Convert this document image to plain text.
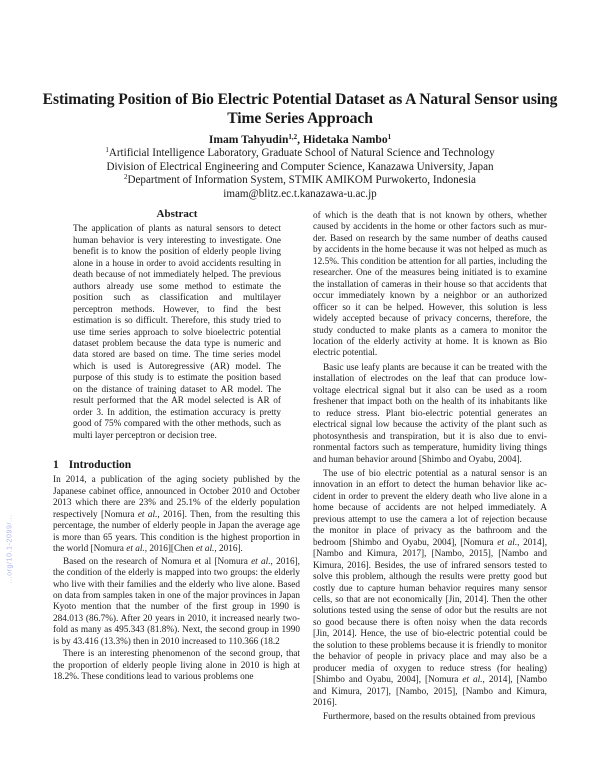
...org/10.1-2099/...
Estimating Position of Bio Electric Potential Dataset as A Natural Sensor using
Time Series Approach
Imam Tahyudin$^{1,2}$, Hidetaka Nambo$^1$
$^1$Artificial Intelligence Laboratory, Graduate School of Natural Science and Technology
Division of Electrical Engineering and Computer Science, Kanazawa University, Japan
$^2$Department of Information System, STMIK AMIKOM Purwokerto, Indonesia
imam@blitz.ec.t.kanazawa-u.ac.jp
Abstract

The application of plants as natural sensors to detect human behavior is very interesting to investigate. One benefit is to know the position of elderly people living alone in a house in order to avoid accidents resulting in death because of not immediately helped. The previous authors already use some method to estimate the position such as classification and multilayer perceptron methods. However, to find the best estimation is so difficult. Therefore, this study tried to use time series approach to solve bioelectric potential dataset problem because the data type is numeric and data stored are based on time. The time series model which is used is Autoregressive (AR) model. The purpose of this study is to estimate the position based on the distance of training dataset to AR model. The result performed that the AR model selected is AR of order 3. In addition, the estimation accuracy is pretty good of 75% compared with the other methods, such as multi layer perceptron or decision tree.

1 Introduction

In 2014, a publication of the aging society published by the Japanese cabinet office, announced in October 2010 and October 2013 which there are 23% and 25.1% of the elderly population respectively [Nomura et al., 2016]. Then, from the resulting this percentage, the number of elderly people in Japan the average age is more than 65 years. This condition is the highest proportion in the world [Nomura et al., 2016][Chen et al., 2016].

Based on the research of Nomura et al [Nomura et al., 2016], the condition of the elderly is mapped into two groups: the elderly who live with their families and the elderly who live alone. Based on data from samples taken in one of the major provinces in Japan Kyoto mention that the number of the first group in 1990 is 284.013 (86.7%). After 20 years in 2010, it increased nearly two-fold as many as 495.343 (81.8%). Next, the second group in 1990 is by 43.416 (13.3%) then in 2010 increased to 110.366 (18.2

There is an interesting phenomenon of the second group, that the proportion of elderly people living alone in 2010 is high at 18.2%. These conditions lead to various problems one

of which is the death that is not known by others, whether caused by accidents in the home or other factors such as murder. Based on research by the same number of deaths caused by accidents in the home because it was not helped as much as 12.5%. This condition be attention for all parties, including the researcher. One of the measures being initiated is to examine the installation of cameras in their house so that accidents that occur immediately known by a neighbor or an authorized officer so it can be helped. However, this solution is less widely accepted because of privacy concerns, therefore, the study conducted to make plants as a camera to monitor the location of the elderly activity at home. It is known as Bio electric potential.

Basic use leafy plants are because it can be treated with the installation of electrodes on the leaf that can produce low-voltage electrical signal but it also can be used as a room freshener that impact both on the health of its inhabitants like to reduce stress. Plant bio-electric potential generates an electrical signal low because the activity of the plant such as photosynthesis and transpiration, but it is also due to environmental factors such as temperature, humidity living things and human behavior around [Shimbo and Oyabu, 2004].

The use of bio electric potential as a natural sensor is an innovation in an effort to detect the human behavior like accident in order to prevent the eldery death who live alone in a home because of accidents are not helped immediately. A previous attempt to use the camera a lot of rejection because the monitor in place of privacy as the bathroom and the bedroom [Shimbo and Oyabu, 2004], [Nomura et al., 2014], [Nambo and Kimura, 2017], [Nambo, 2015], [Nambo and Kimura, 2016]. Besides, the use of infrared sensors tested to solve this problem, although the results were pretty good but costly due to capture human behavior requires many sensor cells, so that are not economically [Jin, 2014]. Then the other solutions tested using the sense of odor but the results are not so good because there is often noisy when the data records [Jin, 2014]. Hence, the use of bio-electric potential could be the solution to these problems because it is friendly to monitor the behavior of people in privacy place and may also be a producer media of oxygen to reduce stress (for healing) [Shimbo and Oyabu, 2004], [Nomura et al., 2014], [Nambo and Kimura, 2017], [Nambo, 2015], [Nambo and Kimura, 2016].

Furthermore, based on the results obtained from previous
